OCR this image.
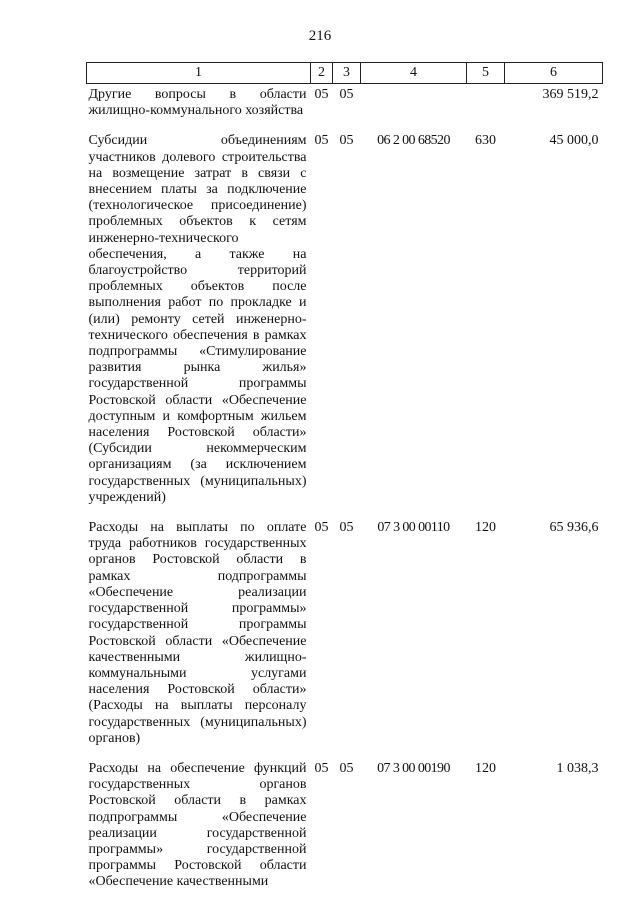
216
1	2	3	4	5	6
Другие вопросы в области жилищно-коммунального хозяйства	05	05			369 519,2
Субсидии объединениям участников долевого строительства на возмещение затрат в связи с внесением платы за подключение (технологическое присоединение) проблемных объектов к сетям инженерно-технического обеспечения, а также на благоустройство территорий проблемных объектов после выполнения работ по прокладке и (или) ремонту сетей инженерно-технического обеспечения в рамках подпрограммы «Стимулирование развития рынка жилья» государственной программы Ростовской области «Обеспечение доступным и комфортным жильем населения Ростовской области» (Субсидии некоммерческим организациям (за исключением государственных (муниципальных) учреждений)	05	05	06 2 00 68520	630	45 000,0
Расходы на выплаты по оплате труда работников государственных органов Ростовской области в рамках подпрограммы «Обеспечение реализации государственной программы» государственной программы Ростовской области «Обеспечение качественными жилищно-коммунальными услугами населения Ростовской области» (Расходы на выплаты персоналу государственных (муниципальных) органов)	05	05	07 3 00 00110	120	65 936,6
Расходы на обеспечение функций государственных органов Ростовской области в рамках подпрограммы «Обеспечение реализации государственной программы» государственной программы Ростовской области «Обеспечение качественными	05	05	07 3 00 00190	120	1 038,3
